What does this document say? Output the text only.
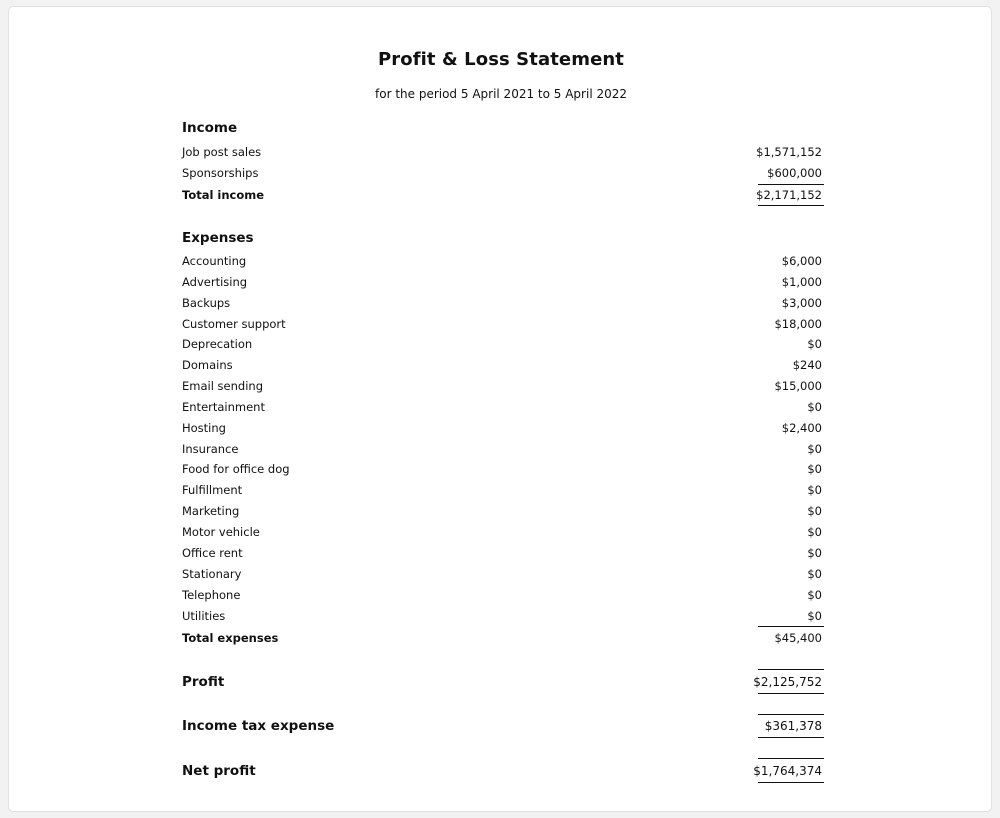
Profit & Loss Statement
for the period 5 April 2021 to 5 April 2022
Income
Job post sales	$1,571,152
Sponsorships	$600,000
Total income	$2,171,152
Expenses
Accounting	$6,000
Advertising	$1,000
Backups	$3,000
Customer support	$18,000
Deprecation	$0
Domains	$240
Email sending	$15,000
Entertainment	$0
Hosting	$2,400
Insurance	$0
Food for office dog	$0
Fulfillment	$0
Marketing	$0
Motor vehicle	$0
Office rent	$0
Stationary	$0
Telephone	$0
Utilities	$0
Total expenses	$45,400
Profit	$2,125,752
Income tax expense	$361,378
Net profit	$1,764,374
